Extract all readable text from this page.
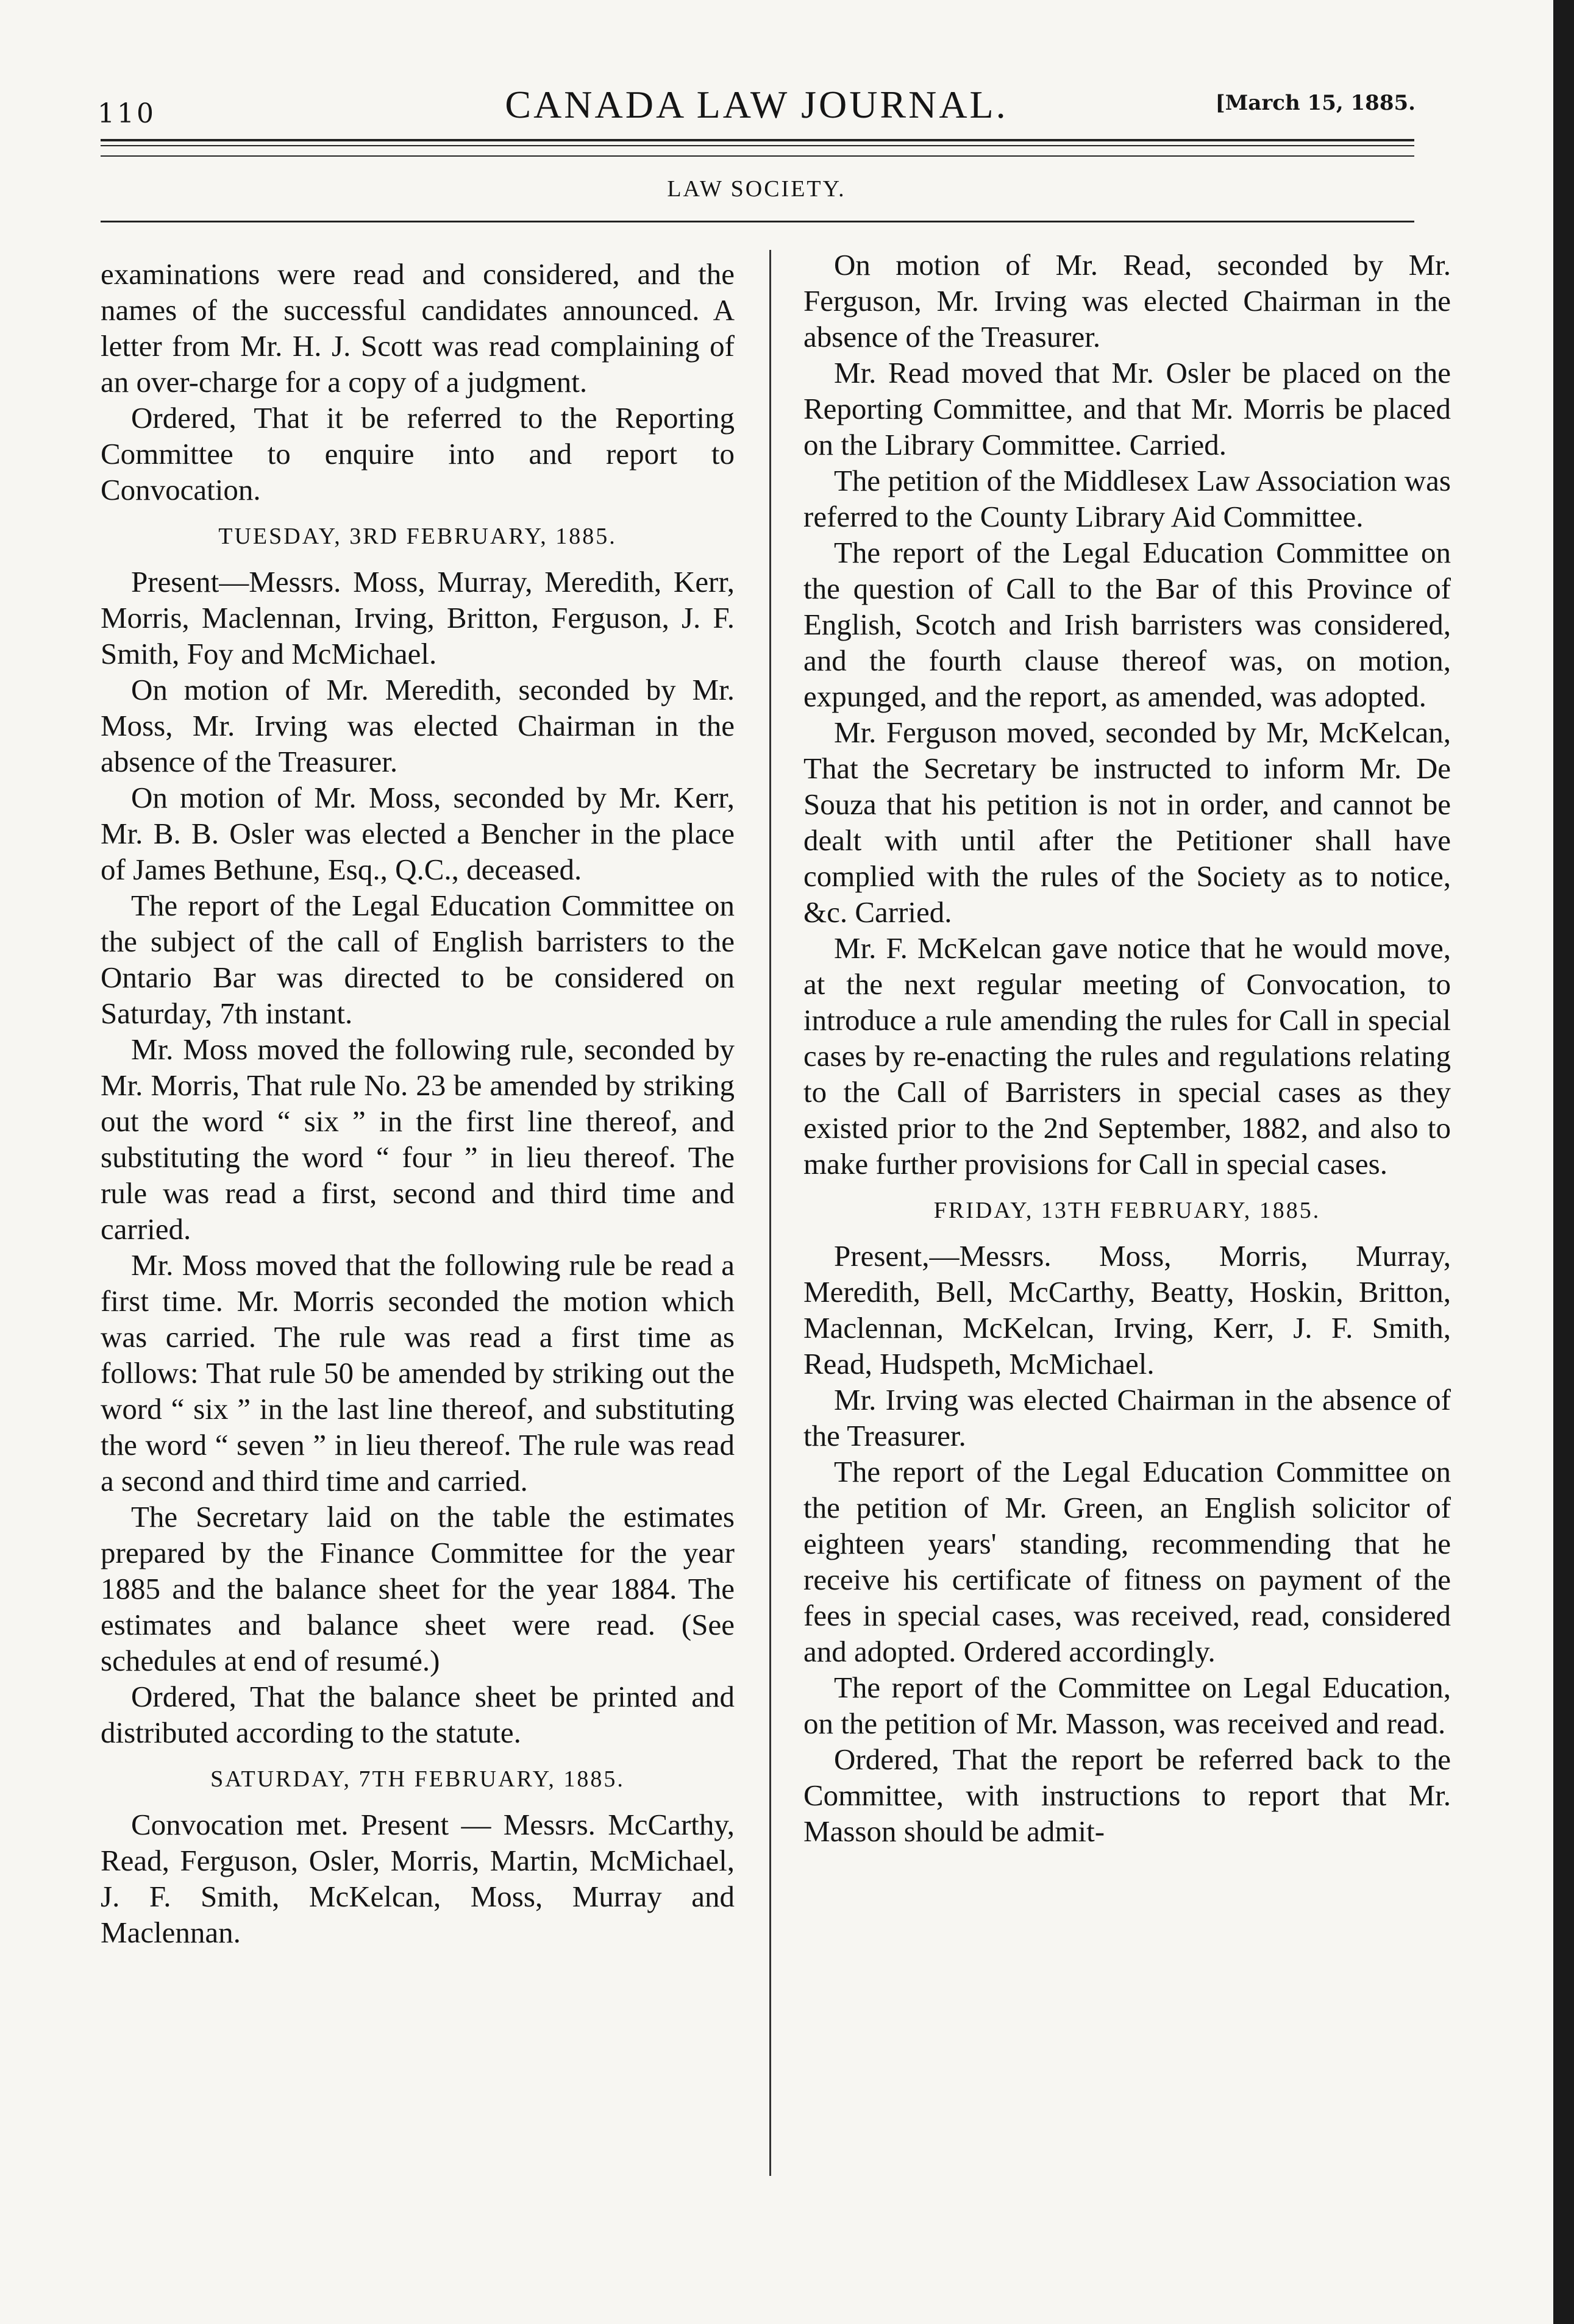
110	CANADA LAW JOURNAL.	[March 15, 1885.
LAW SOCIETY.

examinations were read and considered, and the names of the successful candidates announced. A letter from Mr. H. J. Scott was read complaining of an over-charge for a copy of a judgment.

Ordered, That it be referred to the Reporting Committee to enquire into and report to Convocation.

TUESDAY, 3RD FEBRUARY, 1885.

Present—Messrs. Moss, Murray, Meredith, Kerr, Morris, Maclennan, Irving, Britton, Ferguson, J. F. Smith, Foy and McMichael.

On motion of Mr. Meredith, seconded by Mr. Moss, Mr. Irving was elected Chairman in the absence of the Treasurer.

On motion of Mr. Moss, seconded by Mr. Kerr, Mr. B. B. Osler was elected a Bencher in the place of James Bethune, Esq., Q.C., deceased.

The report of the Legal Education Committee on the subject of the call of English barristers to the Ontario Bar was directed to be considered on Saturday, 7th instant.

Mr. Moss moved the following rule, seconded by Mr. Morris, That rule No. 23 be amended by striking out the word “ six ” in the first line thereof, and substituting the word “ four ” in lieu thereof. The rule was read a first, second and third time and carried.

Mr. Moss moved that the following rule be read a first time. Mr. Morris seconded the motion which was carried. The rule was read a first time as follows: That rule 50 be amended by striking out the word “ six ” in the last line thereof, and substituting the word “ seven ” in lieu thereof. The rule was read a second and third time and carried.

The Secretary laid on the table the estimates prepared by the Finance Committee for the year 1885 and the balance sheet for the year 1884. The estimates and balance sheet were read. (See schedules at end of resumé.)

Ordered, That the balance sheet be printed and distributed according to the statute.

SATURDAY, 7TH FEBRUARY, 1885.

Convocation met. Present — Messrs. McCarthy, Read, Ferguson, Osler, Morris, Martin, McMichael, J. F. Smith, McKelcan, Moss, Murray and Maclennan.

On motion of Mr. Read, seconded by Mr. Ferguson, Mr. Irving was elected Chairman in the absence of the Treasurer.

Mr. Read moved that Mr. Osler be placed on the Reporting Committee, and that Mr. Morris be placed on the Library Committee. Carried.

The petition of the Middlesex Law Association was referred to the County Library Aid Committee.

The report of the Legal Education Committee on the question of Call to the Bar of this Province of English, Scotch and Irish barristers was considered, and the fourth clause thereof was, on motion, expunged, and the report, as amended, was adopted.

Mr. Ferguson moved, seconded by Mr, McKelcan, That the Secretary be instructed to inform Mr. De Souza that his petition is not in order, and cannot be dealt with until after the Petitioner shall have complied with the rules of the Society as to notice, &c. Carried.

Mr. F. McKelcan gave notice that he would move, at the next regular meeting of Convocation, to introduce a rule amending the rules for Call in special cases by re-enacting the rules and regulations relating to the Call of Barristers in special cases as they existed prior to the 2nd September, 1882, and also to make further provisions for Call in special cases.

FRIDAY, 13TH FEBRUARY, 1885.

Present,—Messrs. Moss, Morris, Murray, Meredith, Bell, McCarthy, Beatty, Hoskin, Britton, Maclennan, McKelcan, Irving, Kerr, J. F. Smith, Read, Hudspeth, McMichael.

Mr. Irving was elected Chairman in the absence of the Treasurer.

The report of the Legal Education Committee on the petition of Mr. Green, an English solicitor of eighteen years' standing, recommending that he receive his certificate of fitness on payment of the fees in special cases, was received, read, considered and adopted. Ordered accordingly.

The report of the Committee on Legal Education, on the petition of Mr. Masson, was received and read.

Ordered, That the report be referred back to the Committee, with instructions to report that Mr. Masson should be admit-
